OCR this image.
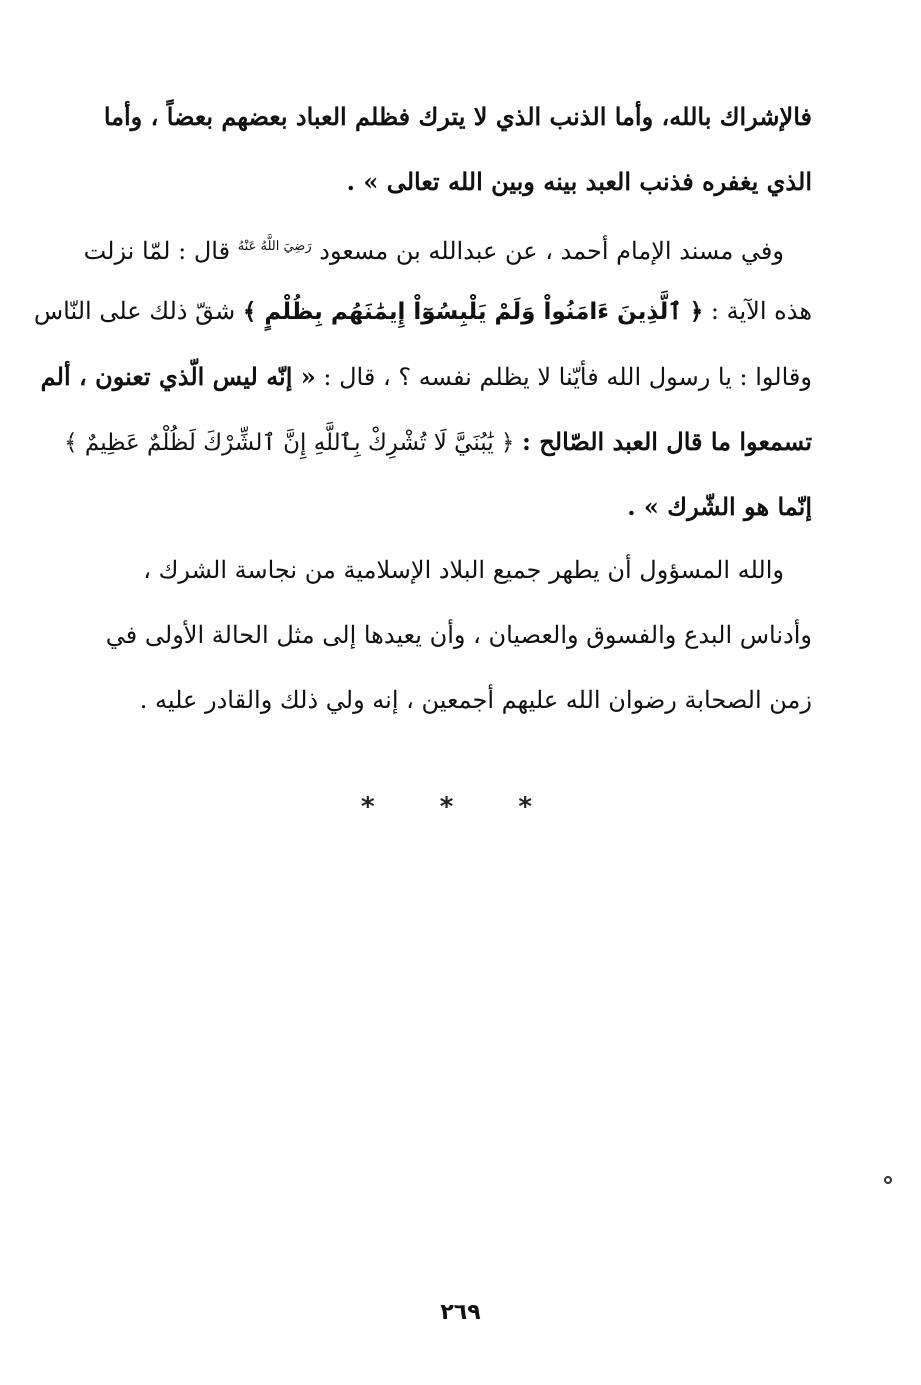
فالإشراك بالله، وأما الذنب الذي لا يترك فظلم العباد بعضهم بعضاً ، وأما
الذي يغفره فذنب العبد بينه وبين الله تعالى » .
وفي مسند الإمام أحمد ، عن عبدالله بن مسعود $^{رَضِيَ اللَّهُ عَنْهُ}$ قال : لمّا نزلت
هذه الآية : ﴿ ٱلَّذِينَ ءَامَنُواْ وَلَمْ يَلْبِسُوٓاْ إِيمَٰنَهُم بِظُلْمٍ ﴾ شقّ ذلك على النّاس
وقالوا : يا رسول الله فأيّنا لا يظلم نفسه ؟ ، قال : « إنّه ليس الّذي تعنون ، ألم
تسمعوا ما قال العبد الصّالح : ﴿ يَٰبُنَيَّ لَا تُشْرِكْ بِٱللَّهِ إِنَّ ٱلشِّرْكَ لَظُلْمٌ عَظِيمٌ ﴾
إنّما هو الشّرك » .
والله المسؤول أن يطهر جميع البلاد الإسلامية من نجاسة الشرك ،
وأدناس البدع والفسوق والعصيان ، وأن يعيدها إلى مثل الحالة الأولى في
زمن الصحابة رضوان الله عليهم أجمعين ، إنه ولي ذلك والقادر عليه .
* * *
٢٦٩
